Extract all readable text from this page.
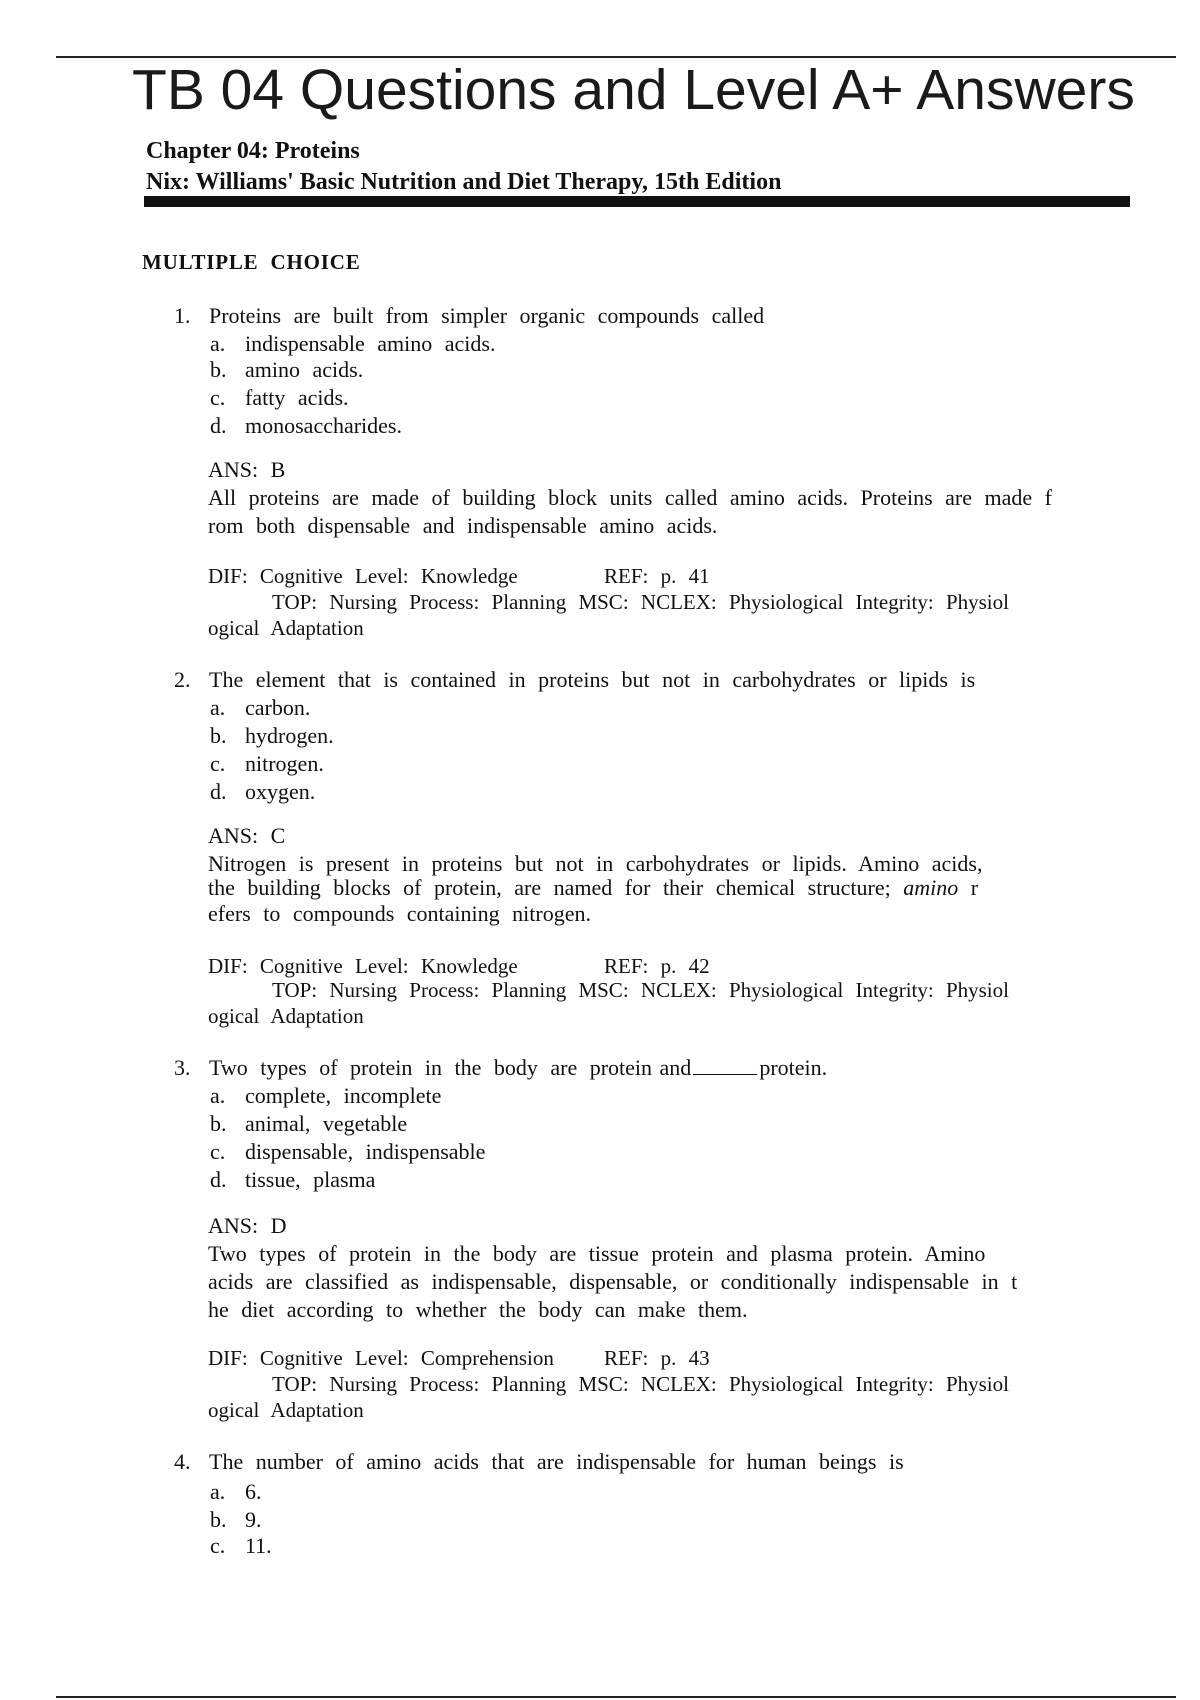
TB 04 Questions and Level A+ Answers
Chapter 04: Proteins
Nix: Williams' Basic Nutrition and Diet Therapy, 15th Edition
MULTIPLE CHOICE
1. Proteins are built from simpler organic compounds called
a. indispensable amino acids.
b. amino acids.
c. fatty acids.
d. monosaccharides.
ANS: B
All proteins are made of building block units called amino acids. Proteins are made f
rom both dispensable and indispensable amino acids.
DIF: Cognitive Level: Knowledge	REF: p. 41
TOP: Nursing Process: Planning MSC: NCLEX: Physiological Integrity: Physiol
ogical Adaptation
2. The element that is contained in proteins but not in carbohydrates or lipids is
a. carbon.
b. hydrogen.
c. nitrogen.
d. oxygen.
ANS: C
Nitrogen is present in proteins but not in carbohydrates or lipids. Amino acids,
the building blocks of protein, are named for their chemical structure; amino r
efers to compounds containing nitrogen.
DIF: Cognitive Level: Knowledge	REF: p. 42
TOP: Nursing Process: Planning MSC: NCLEX: Physiological Integrity: Physiol
ogical Adaptation
3. Two types of protein in the body are protein and	protein.
a. complete, incomplete
b. animal, vegetable
c. dispensable, indispensable
d. tissue, plasma
ANS: D
Two types of protein in the body are tissue protein and plasma protein. Amino
acids are classified as indispensable, dispensable, or conditionally indispensable in t
he diet according to whether the body can make them.
DIF: Cognitive Level: Comprehension REF: p. 43
TOP: Nursing Process: Planning MSC: NCLEX: Physiological Integrity: Physiol
ogical Adaptation
4. The number of amino acids that are indispensable for human beings is
a. 6.
b. 9.
c. 11.
